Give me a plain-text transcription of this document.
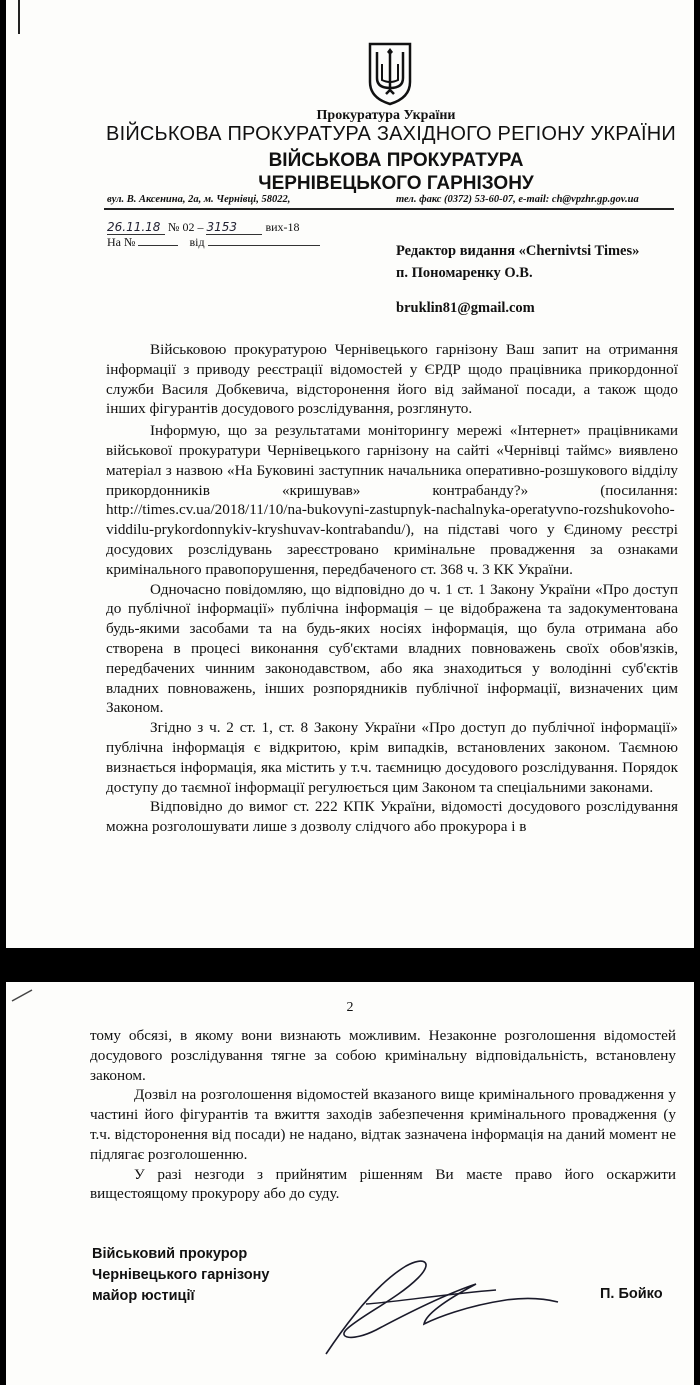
Прокуратура України
ВІЙСЬКОВА ПРОКУРАТУРА ЗАХІДНОГО РЕГІОНУ УКРАЇНИ
ВІЙСЬКОВА ПРОКУРАТУРА
ЧЕРНІВЕЦЬКОГО ГАРНІЗОНУ
вул. В. Аксенина, 2а, м. Чернівці, 58022,	тел. факс (0372) 53-60-07, e-mail: ch@vpzhr.gp.gov.ua
26.11.18 № 02 – 3153 вих-18
На №	від
Редактор видання «Chernivtsi Times»
п. Пономаренку О.В.
bruklin81@gmail.com

Військовою прокуратурою Чернівецького гарнізону Ваш запит на отримання інформації з приводу реєстрації відомостей у ЄРДР щодо працівника прикордонної служби Василя Добкевича, відсторонення його від займаної посади, а також щодо інших фігурантів досудового розслідування, розглянуто.

Інформую, що за результатами моніторингу мережі «Інтернет» працівниками військової прокуратури Чернівецького гарнізону на сайті «Чернівці таймс» виявлено матеріал з назвою «На Буковині заступник начальника оперативно-розшукового відділу прикордонників «кришував» контрабанду?» (посилання: http://times.cv.ua/2018/11/10/na-bukovyni-zastupnyk-nachalnyka-operatyvno-rozshukovoho-viddilu-prykordonnykiv-kryshuvav-kontrabandu/), на підставі чого у Єдиному реєстрі досудових розслідувань зареєстровано кримінальне провадження за ознаками кримінального правопорушення, передбаченого ст. 368 ч. 3 КК України.

Одночасно повідомляю, що відповідно до ч. 1 ст. 1 Закону України «Про доступ до публічної інформації» публічна інформація – це відображена та задокументована будь-якими засобами та на будь-яких носіях інформація, що була отримана або створена в процесі виконання суб'єктами владних повноважень своїх обов'язків, передбачених чинним законодавством, або яка знаходиться у володінні суб'єктів владних повноважень, інших розпорядників публічної інформації, визначених цим Законом.

Згідно з ч. 2 ст. 1, ст. 8 Закону України «Про доступ до публічної інформації» публічна інформація є відкритою, крім випадків, встановлених законом. Таємною визнається інформація, яка містить у т.ч. таємницю досудового розслідування. Порядок доступу до таємної інформації регулюється цим Законом та спеціальними законами.

Відповідно до вимог ст. 222 КПК України, відомості досудового розслідування можна розголошувати лише з дозволу слідчого або прокурора і в

2

тому обсязі, в якому вони визнають можливим. Незаконне розголошення відомостей досудового розслідування тягне за собою кримінальну відповідальність, встановлену законом.

Дозвіл на розголошення відомостей вказаного вище кримінального провадження у частині його фігурантів та вжиття заходів забезпечення кримінального провадження (у т.ч. відсторонення від посади) не надано, відтак зазначена інформація на даний момент не підлягає розголошенню.

У разі незгоди з прийнятим рішенням Ви маєте право його оскаржити вищестоящому прокурору або до суду.

Військовий прокурор
Чернівецького гарнізону
майор юстиції	П. Бойко
